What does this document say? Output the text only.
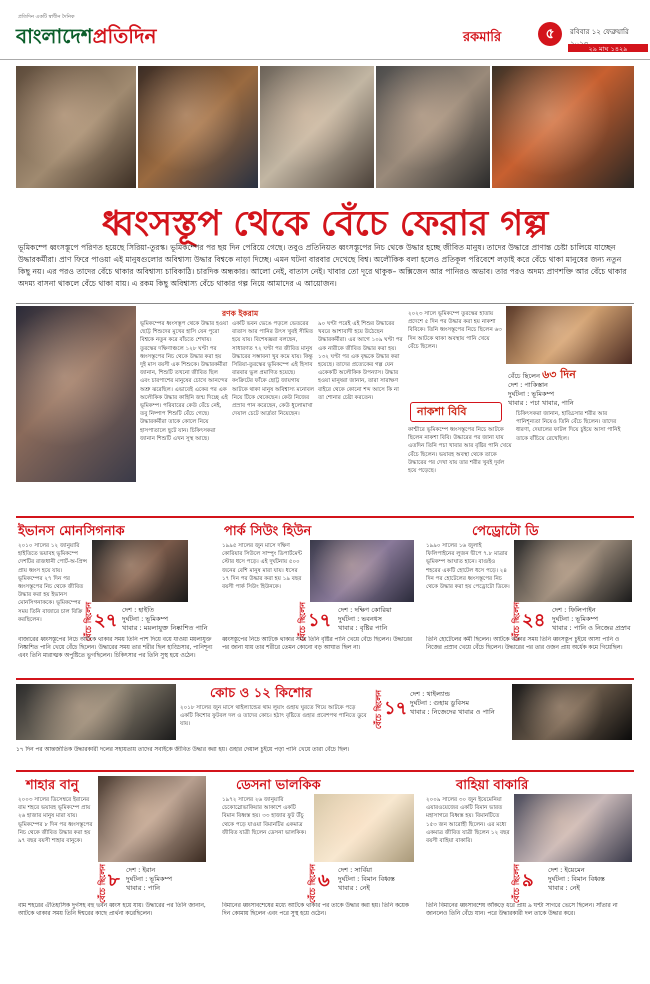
প্রতিদিন একটি স্বাধীন দৈনিক
বাংলাদেশপ্রতিদিন	রকমারি	৫	রবিবার ১২ ফেব্রুয়ারি
২৯ মাঘ ১৪২৯
ধ্বংসস্তূপ থেকে বেঁচে ফেরার গল্প
ভূমিকম্পে ধ্বংসস্তূপে পরিণত হয়েছে সিরিয়া-তুরস্ক। ভূমিকম্পের পর ছয় দিন পেরিয়ে গেছে। তবুও প্রতিনিয়ত ধ্বংসস্তূপের নিচ থেকে উদ্ধার হচ্ছে জীবিত মানুষ। তাদের উদ্ধারে প্রাণান্ত চেষ্টা চালিয়ে যাচ্ছেন উদ্ধারকর্মীরা। প্রাণ ফিরে পাওয়া এই মানুষগুলোর অবিশ্বাস্য উদ্ধার বিশ্বকে নাড়া দিচ্ছে। এমন ঘটনা বারবার দেখেছে বিশ্ব। অলৌকিক বলা হলেও প্রতিকূল পরিবেশে লড়াই করে বেঁচে থাকা মানুষের জন্য নতুন কিছু নয়। এর পরও তাদের বেঁচে থাকার অবিশ্বাস্য চাবিকাঠি। চারদিক অন্ধকার। আলো নেই, বাতাস নেই। খাবার তো দূরে থাকুক– অক্সিজেন আর পানিরও অভাব। তার পরও অদম্য প্রাণশক্তি আর বেঁচে থাকার অদম্য বাসনা থাকলে বেঁচে থাকা যায়। এ রকম কিছু অবিশ্বাস্য বেঁচে থাকার গল্প নিয়ে আমাদের এ আয়োজন।
রণক ইকরাম
ভূমিকম্পের ধ্বংসস্তূপ থেকে উদ্ধার হওয়া ছোট্ট শিশুদের মুখের হাসি যেন পুরো বিশ্বকে নতুন করে বাঁচতে শেখায়। তুরস্কের দক্ষিণাঞ্চলে ১২৮ ঘণ্টা পর ধ্বংসস্তূপের নিচ থেকে উদ্ধার করা হয় দুই মাস বয়সী এক শিশুকে। উদ্ধারকর্মীরা জানান, শিশুটি তখনো জীবিত ছিল এবং চারপাশের মানুষের চোখে আনন্দের অশ্রু ঝরেছিল। এভাবেই একের পর এক অলৌকিক উদ্ধার কাহিনি জন্ম দিচ্ছে এই ভূমিকম্প। পরিবারের কেউ বেঁচে নেই, তবু নিষ্পাপ শিশুটি বেঁচে গেছে। উদ্ধারকর্মীরা তাকে কোলে নিয়ে হাসপাতালে ছুটে যান। চিকিৎসকরা জানান শিশুটি এখন সুস্থ আছে।
একটি ভবন ভেঙে পড়লে ভেতরের বাতাস আর পানির উৎস খুবই সীমিত হয়ে যায়। বিশেষজ্ঞরা বলছেন, সাধারণত ৭২ ঘণ্টা পর জীবিত মানুষ উদ্ধারের সম্ভাবনা খুব কমে যায়। কিন্তু সিরিয়া-তুরস্কের ভূমিকম্পে এই হিসাব বারবার ভুল প্রমাণিত হয়েছে। কংক্রিটের ফাঁকে ছোট্ট জায়গায় আটকে থাকা মানুষ অবিশ্বাস্য মনোবল নিয়ে টিকে থেকেছেন। কেউ নিজের প্রস্রাব পান করেছেন, কেউ ধুলোমাখা দেয়াল চেটে আর্দ্রতা নিয়েছেন।
৯০ ঘণ্টা পরেই এই শিশুর উদ্ধারের খবরে আশাবাদী হয়ে উঠেছেন উদ্ধারকর্মীরা। এর আগে ১০৯ ঘণ্টা পর এক নারীকে জীবিত উদ্ধার করা হয়। ১৩২ ঘণ্টা পর এক বৃদ্ধকে উদ্ধার করা হয়েছে। তাদের প্রত্যেকের গল্প যেন একেকটি অলৌকিক উপন্যাস। উদ্ধার হওয়া মানুষরা জানান, তারা সারাক্ষণ বাইরে থেকে কোনো শব্দ আসে কি না তা শোনার চেষ্টা করতেন।
২০২৩ সালে ভূমিকম্পে তুরস্কের হাতায় প্রদেশে ৫ দিন পর উদ্ধার করা হয় নাকশা বিবিকে। তিনি ধ্বংসস্তূপের নিচে ছিলেন ৬৩ দিন আটকে থাকা অবস্থায় পানি খেয়ে বেঁচে ছিলেন।
নাকশা বিবি
বেঁচে ছিলেন ৬৩ দিন
দেশ : পাকিস্তান
দুর্ঘটনা : ভূমিকম্প
খাবার : পচা খাবার, পানি
কাশ্মীরে ভূমিকম্পে ধ্বংসস্তূপের নিচে আটকে ছিলেন নাকশা বিবি। উদ্ধারের পর জানা যায় এতদিন তিনি পচা খাবার আর বৃষ্টির পানি খেয়ে বেঁচে ছিলেন। ভয়াবহ অবস্থা থেকে তাকে উদ্ধারের পর দেখা যায় তার শরীর খুবই দুর্বল হয়ে পড়েছে।
চিকিৎসকরা জানান, হাড্ডিসার শরীর আর পানিশূন্যতা নিয়েও তিনি বেঁচে ছিলেন। তাদের ধারণা, দেয়ালের ফাটল দিয়ে চুইয়ে আসা পানিই তাকে বাঁচিয়ে রেখেছিল।
ইভানস মোনসিগনাক
২০১০ সালের ১২ জানুয়ারি হাইতিতে ভয়াবহ ভূমিকম্পে দেশটির রাজধানী পোর্ট-অ-প্রিন্স প্রায় ধ্বংস হয়ে যায়। ভূমিকম্পের ২৭ দিন পর ধ্বংসস্তূপের নিচ থেকে জীবিত উদ্ধার করা হয় ইভানস মোনসিগনাককে। ভূমিকম্পের সময় তিনি বাজারে চাল বিক্রি করছিলেন।	বেঁচে ছিলেন ২৭ দেশ : হাইতি
দুর্ঘটনা : ভূমিকম্প
খাবার : ময়লাযুক্ত নিষ্কাশিত পানি
পার্ক সিউং হিউন
১৯৯৫ সালের জুন মাসে দক্ষিণ কোরিয়ার সিউলে সাম্পুং ডিপার্টমেন্ট স্টোর ধসে পড়ে। এই দুর্ঘটনায় ৫০০ জনের বেশি মানুষ মারা যায়। ধসের ১৭ দিন পর উদ্ধার করা হয় ১৯ বছর বয়সী পার্ক সিউং হিউনকে।
বেঁচে ছিলেন ১৭ দেশ : দক্ষিণ কোরিয়া
দুর্ঘটনা : ভবনধস
খাবার : বৃষ্টির পানি
পেড্রোটো ডি
১৯৯০ সালের ১৬ জুলাই ফিলিপাইনের লুজন দ্বীপে ৭.৮ মাত্রার ভূমিকম্প আঘাত হানে। বাগুইও শহরের একটি হোটেল ধসে পড়ে। ২৪ দিন পর হোটেলের ধ্বংসস্তূপের নিচ থেকে উদ্ধার করা হয় পেড্রোটো ডিকে।
বেঁচে ছিলেন ২৪ দেশ : ফিলিপাইন
দুর্ঘটনা : ভূমিকম্প
খাবার : পানি ও নিজের প্রস্রাব
বাজারের ধ্বংসস্তূপের নিচে আটকে থাকার সময় তিনি পাশ দিয়ে বয়ে যাওয়া ময়লাযুক্ত নিষ্কাশিত পানি খেয়ে বেঁচে ছিলেন। উদ্ধারের সময় তার শরীর ছিল হাড্ডিসার, পানিশূন্য এবং তিনি মারাত্মক অপুষ্টিতে ভুগছিলেন। চিকিৎসার পর তিনি সুস্থ হয়ে ওঠেন।
ধ্বংসস্তূপের নিচে আটকে থাকার সময় তিনি বৃষ্টির পানি খেয়ে বেঁচে ছিলেন। উদ্ধারের পর জানা যায় তার শরীরে তেমন কোনো বড় আঘাত ছিল না।
তিনি হোটেলের কর্মী ছিলেন। আটকে থাকার সময় তিনি ধ্বংসস্তূপ চুইয়ে আসা পানি ও নিজের প্রস্রাব খেয়ে বেঁচে ছিলেন। উদ্ধারের পর তার ওজন প্রায় অর্ধেক কমে গিয়েছিল।
কোচ ও ১২ কিশোর
২০১৮ সালের জুন মাসে থাইল্যান্ডের থাম লুয়াং গুহায় ঘুরতে গিয়ে আটকে পড়ে একটি কিশোর ফুটবল দল ও তাদের কোচ। হঠাৎ বৃষ্টিতে গুহার প্রবেশপথ পানিতে ডুবে যায়।	বেঁচে ছিলেন ১৭
দেশ : থাইল্যান্ড
দুর্ঘটনা : গুহায় ডুবিসম
খাবার : নিজেদের খাবার ও পানি
১৭ দিন পর আন্তর্জাতিক উদ্ধারকারী দলের সহায়তায় তাদের সবাইকে জীবিত উদ্ধার করা হয়। গুহার দেয়াল চুইয়ে পড়া পানি খেয়ে তারা বেঁচে ছিল।
শাহার বানু
২০০৩ সালের ডিসেম্বরে ইরানের বাম শহরে ভয়াবহ ভূমিকম্পে প্রায় ২৬ হাজার মানুষ মারা যায়। ভূমিকম্পের ৮ দিন পর ধ্বংসস্তূপের নিচ থেকে জীবিত উদ্ধার করা হয় ৯৭ বছর বয়সী শাহার বানুকে।
বেঁচে ছিলেন ৮ দেশ : ইরান
দুর্ঘটনা : ভূমিকম্প
খাবার : পানি
ডেসনা ভালকিক
১৯৭২ সালের ২৬ জানুয়ারি চেকোস্লোভাকিয়ার আকাশে একটি বিমান বিধ্বস্ত হয়। ৩৩ হাজার ফুট উঁচু থেকে পড়ে যাওয়া বিমানটির একমাত্র জীবিত যাত্রী ছিলেন ডেসনা ভালকিক।
বেঁচে ছিলেন ৬ দেশ : সার্বিয়া
দুর্ঘটনা : বিমান বিধ্বস্ত
খাবার : নেই
বাহিয়া বাকারি
২০০৯ সালের ৩০ জুন ইয়েমেনিয়া এয়ারওয়েজের একটি বিমান ভারত মহাসাগরে বিধ্বস্ত হয়। বিমানটিতে ১৫৩ জন আরোহী ছিলেন। এর মধ্যে একমাত্র জীবিত যাত্রী ছিলেন ১২ বছর বয়সী বাহিয়া বাকারি।
বেঁচে ছিলেন ৯ দেশ : ইয়েমেন
দুর্ঘটনা : বিমান বিধ্বস্ত
খাবার : নেই
বাম শহরের ঐতিহাসিক দুর্গসহ বহু ভবন ধ্বংস হয়ে যায়। উদ্ধারের পর তিনি জানান, আটকে থাকার সময় তিনি ঈশ্বরের কাছে প্রার্থনা করেছিলেন।
বিমানের ধ্বংসাবশেষের মধ্যে আটকে থাকার পর তাকে উদ্ধার করা হয়। তিনি কয়েক দিন কোমায় ছিলেন এবং পরে সুস্থ হয়ে ওঠেন।
তিনি বিমানের ধ্বংসাবশেষ আঁকড়ে ধরে প্রায় ৯ ঘণ্টা সাগরে ভেসে ছিলেন। সাঁতার না জানলেও তিনি বেঁচে যান। পরে উদ্ধারকারী দল তাকে উদ্ধার করে।
